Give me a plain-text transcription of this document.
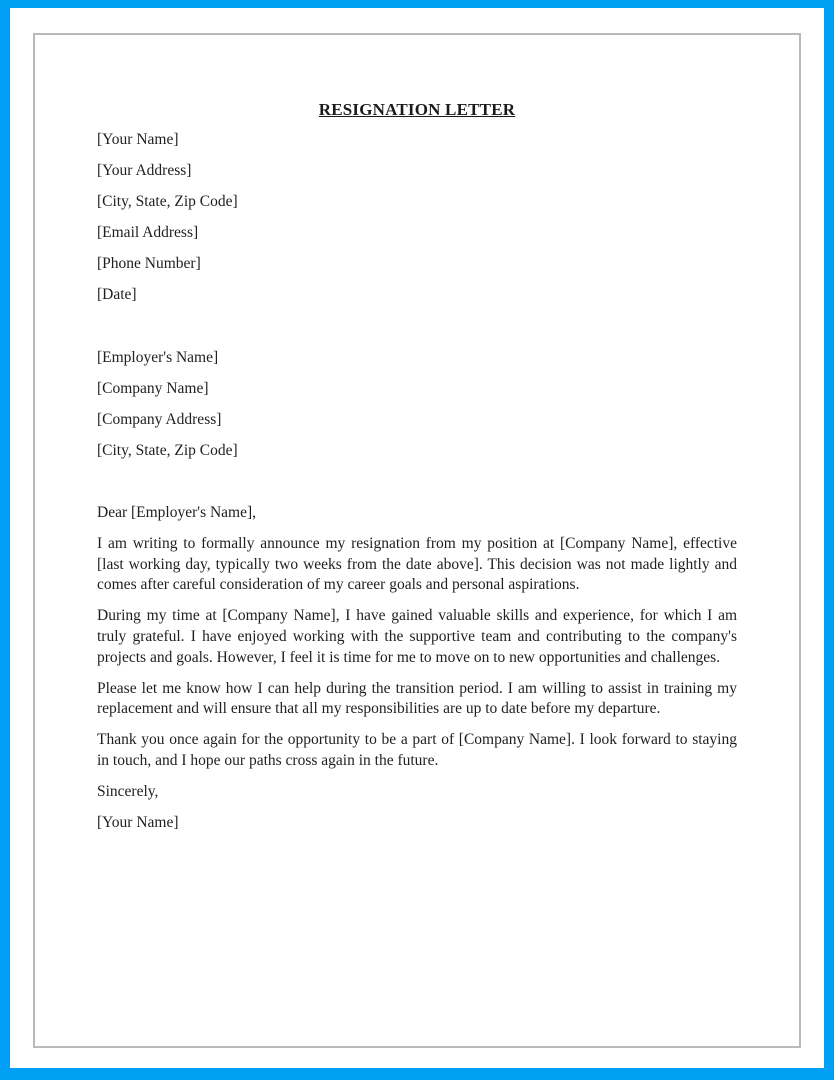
RESIGNATION LETTER

[Your Name]

[Your Address]

[City, State, Zip Code]

[Email Address]

[Phone Number]

[Date]

[Employer's Name]

[Company Name]

[Company Address]

[City, State, Zip Code]

Dear [Employer's Name],

I am writing to formally announce my resignation from my position at [Company Name], effective [last working day, typically two weeks from the date above]. This decision was not made lightly and comes after careful consideration of my career goals and personal aspirations.

During my time at [Company Name], I have gained valuable skills and experience, for which I am truly grateful. I have enjoyed working with the supportive team and contributing to the company's projects and goals. However, I feel it is time for me to move on to new opportunities and challenges.

Please let me know how I can help during the transition period. I am willing to assist in training my replacement and will ensure that all my responsibilities are up to date before my departure.

Thank you once again for the opportunity to be a part of [Company Name]. I look forward to staying in touch, and I hope our paths cross again in the future.

Sincerely,

[Your Name]
